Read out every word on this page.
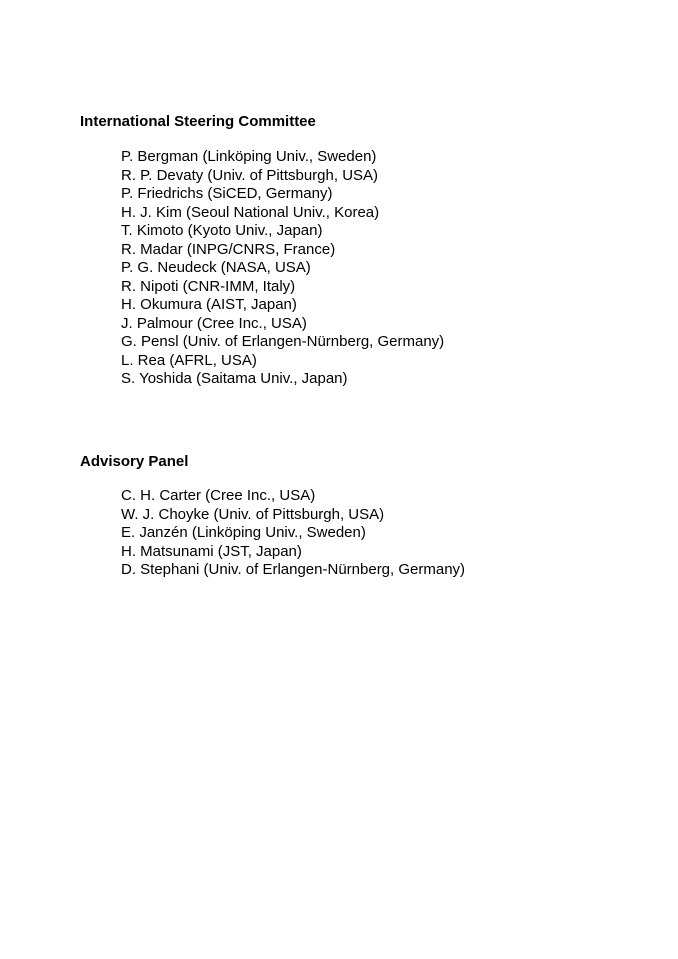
International Steering Committee
P. Bergman (Linköping Univ., Sweden)
R. P. Devaty (Univ. of Pittsburgh, USA)
P. Friedrichs (SiCED, Germany)
H. J. Kim (Seoul National Univ., Korea)
T. Kimoto (Kyoto Univ., Japan)
R. Madar (INPG/CNRS, France)
P. G. Neudeck (NASA, USA)
R. Nipoti (CNR-IMM, Italy)
H. Okumura (AIST, Japan)
J. Palmour (Cree Inc., USA)
G. Pensl (Univ. of Erlangen-Nürnberg, Germany)
L. Rea (AFRL, USA)
S. Yoshida (Saitama Univ., Japan)
Advisory Panel
C. H. Carter (Cree Inc., USA)
W. J. Choyke (Univ. of Pittsburgh, USA)
E. Janzén (Linköping Univ., Sweden)
H. Matsunami (JST, Japan)
D. Stephani (Univ. of Erlangen-Nürnberg, Germany)
